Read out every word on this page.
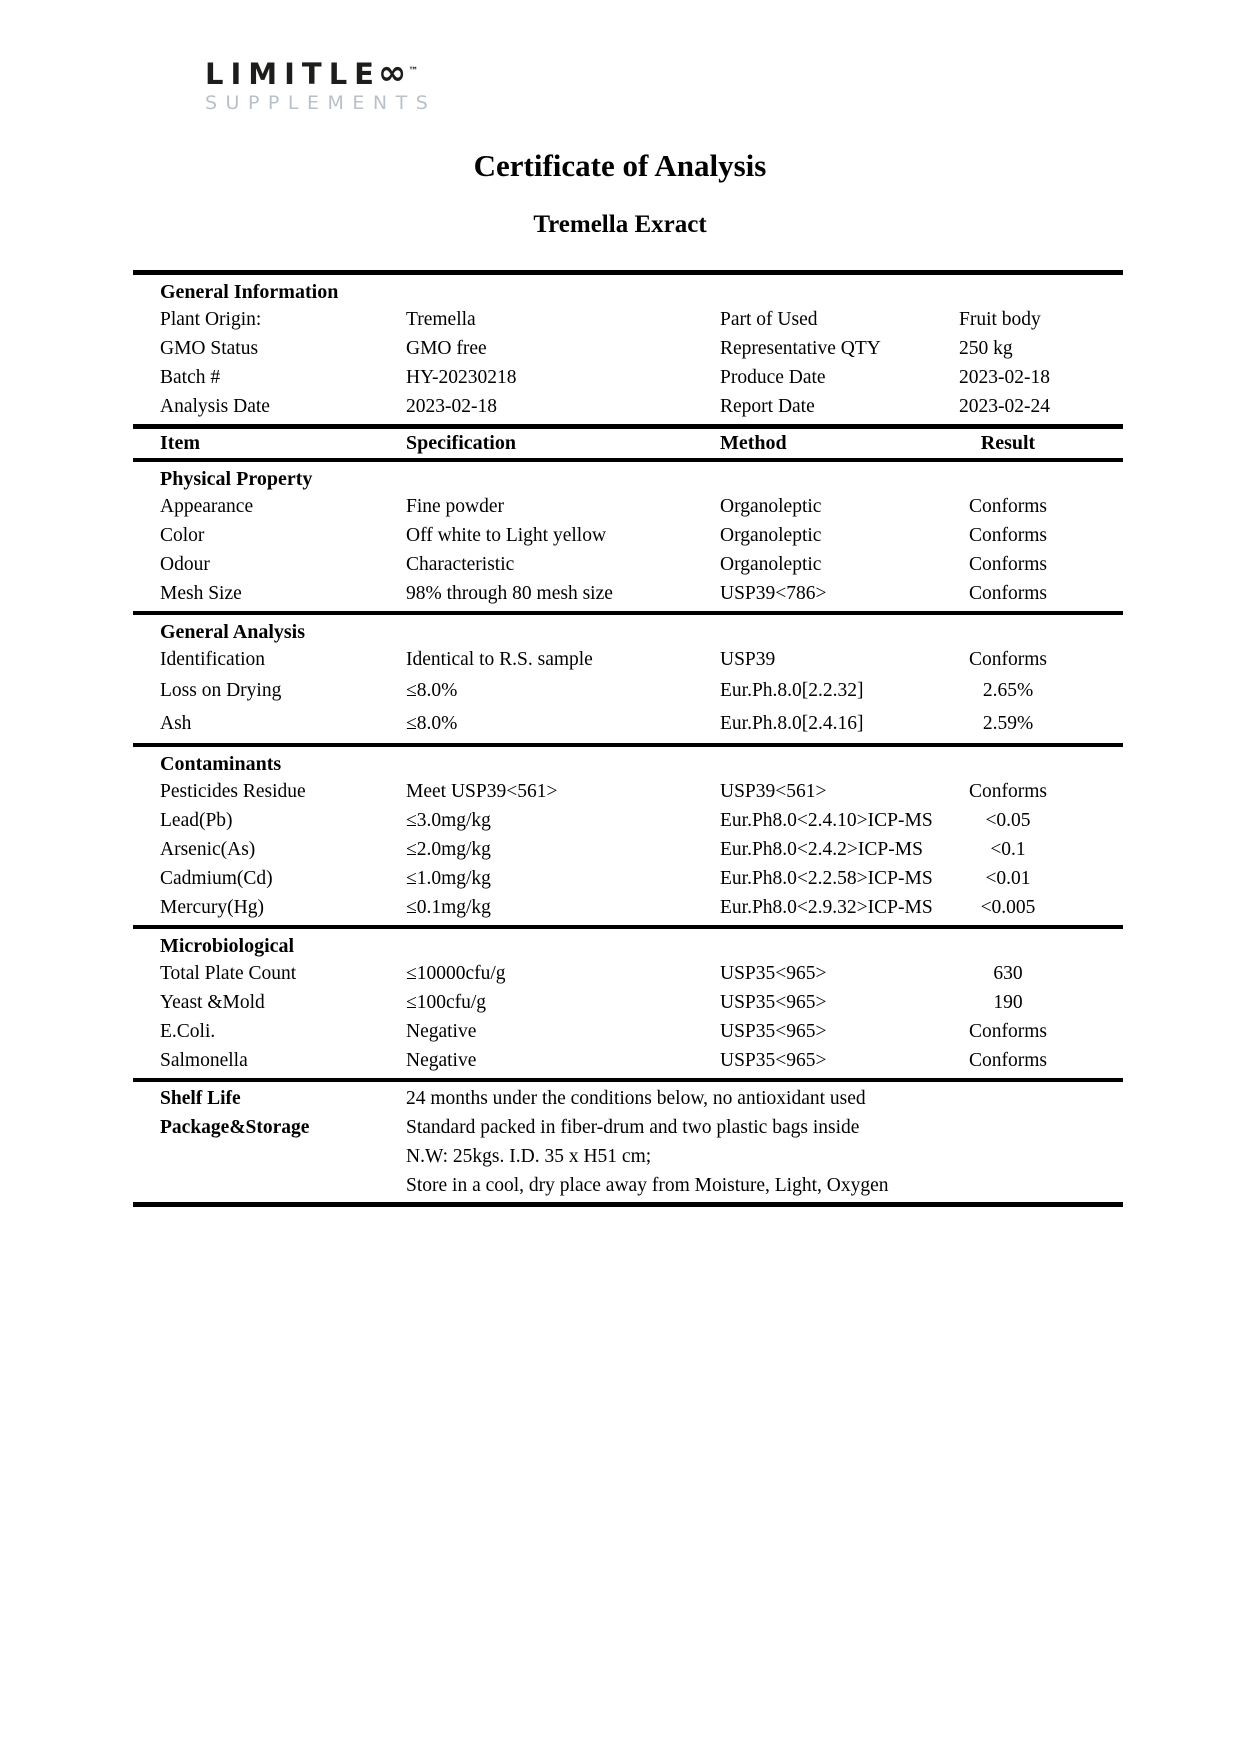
LIMITLE
∞ ™
SUPPLEMENTS
Certificate of Analysis
Tremella Exract
General Information
Plant Origin:	Tremella	Part of Used	Fruit body
GMO Status	GMO free	Representative QTY	250 kg
Batch #	HY-20230218	Produce Date	2023-02-18
Analysis Date	2023-02-18	Report Date	2023-02-24
Item	Specification	Method	Result
Physical Property
Appearance	Fine powder	Organoleptic	Conforms
Color	Off white to Light yellow	Organoleptic	Conforms
Odour	Characteristic	Organoleptic	Conforms
Mesh Size	98% through 80 mesh size	USP39<786>	Conforms
General Analysis
Identification	Identical to R.S. sample	USP39	Conforms
Loss on Drying	≤8.0%	Eur.Ph.8.0[2.2.32]	2.65%
Ash	≤8.0%	Eur.Ph.8.0[2.4.16]	2.59%
Contaminants
Pesticides Residue	Meet USP39<561>	USP39<561>	Conforms
Lead(Pb)	≤3.0mg/kg	Eur.Ph8.0<2.4.10>ICP-MS	<0.05
Arsenic(As)	≤2.0mg/kg	Eur.Ph8.0<2.4.2>ICP-MS	<0.1
Cadmium(Cd)	≤1.0mg/kg	Eur.Ph8.0<2.2.58>ICP-MS	<0.01
Mercury(Hg)	≤0.1mg/kg	Eur.Ph8.0<2.9.32>ICP-MS	<0.005
Microbiological
Total Plate Count	≤10000cfu/g	USP35<965>	630
Yeast &Mold	≤100cfu/g	USP35<965>	190
E.Coli.	Negative	USP35<965>	Conforms
Salmonella	Negative	USP35<965>	Conforms
Shelf Life	24 months under the conditions below, no antioxidant used
Package&Storage	Standard packed in fiber-drum and two plastic bags inside
N.W: 25kgs. I.D. 35 x H51 cm;
Store in a cool, dry place away from Moisture, Light, Oxygen
